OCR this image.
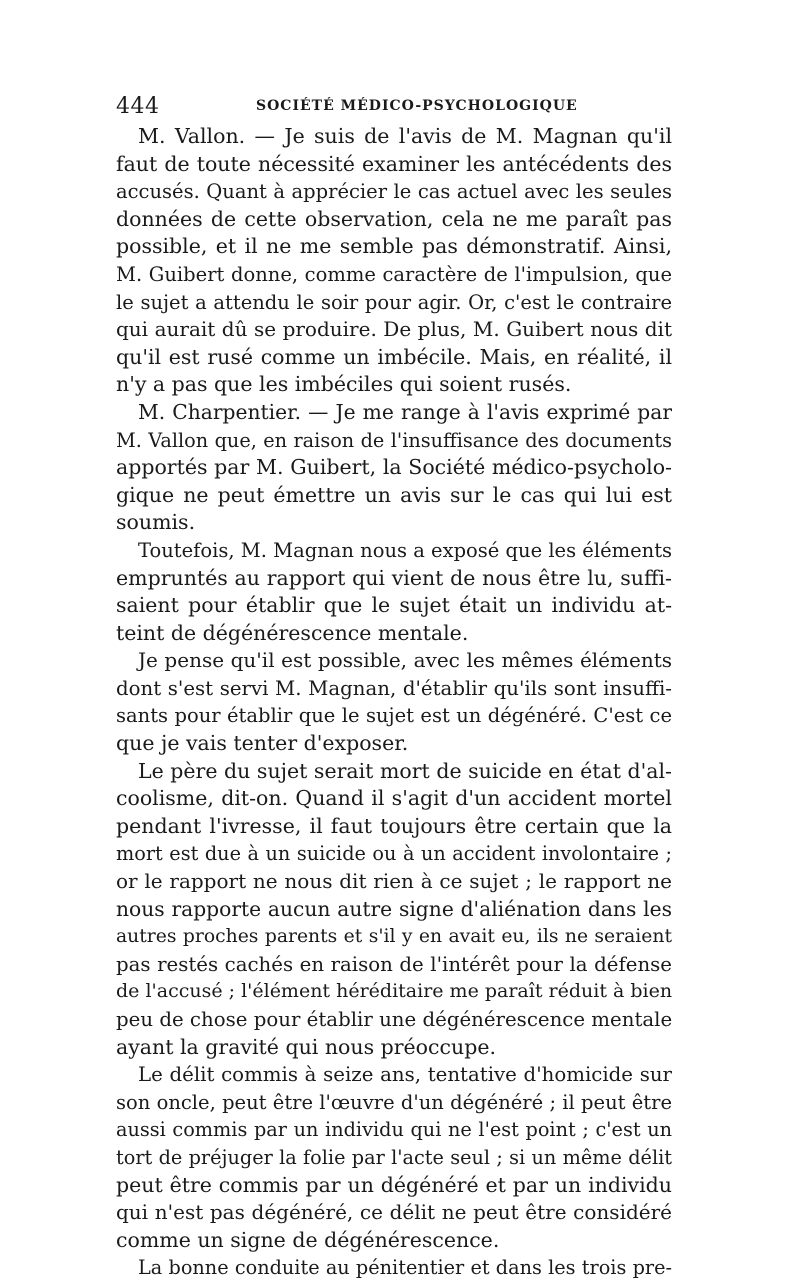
444	SOCIÉTÉ MÉDICO-PSYCHOLOGIQUE
M. Vallon. — Je suis de l'avis de M. Magnan qu'il
faut de toute nécessité examiner les antécédents des
accusés. Quant à apprécier le cas actuel avec les seules
données de cette observation, cela ne me paraît pas
possible, et il ne me semble pas démonstratif. Ainsi,
M. Guibert donne, comme caractère de l'impulsion, que
le sujet a attendu le soir pour agir. Or, c'est le contraire
qui aurait dû se produire. De plus, M. Guibert nous dit
qu'il est rusé comme un imbécile. Mais, en réalité, il
n'y a pas que les imbéciles qui soient rusés.
M. Charpentier. — Je me range à l'avis exprimé par
M. Vallon que, en raison de l'insuffisance des documents
apportés par M. Guibert, la Société médico-psycholo-
gique ne peut émettre un avis sur le cas qui lui est
soumis.
Toutefois, M. Magnan nous a exposé que les éléments
empruntés au rapport qui vient de nous être lu, suffi-
saient pour établir que le sujet était un individu at-
teint de dégénérescence mentale.
Je pense qu'il est possible, avec les mêmes éléments
dont s'est servi M. Magnan, d'établir qu'ils sont insuffi-
sants pour établir que le sujet est un dégénéré. C'est ce
que je vais tenter d'exposer.
Le père du sujet serait mort de suicide en état d'al-
coolisme, dit-on. Quand il s'agit d'un accident mortel
pendant l'ivresse, il faut toujours être certain que la
mort est due à un suicide ou à un accident involontaire ;
or le rapport ne nous dit rien à ce sujet ; le rapport ne
nous rapporte aucun autre signe d'aliénation dans les
autres proches parents et s'il y en avait eu, ils ne seraient
pas restés cachés en raison de l'intérêt pour la défense
de l'accusé ; l'élément héréditaire me paraît réduit à bien
peu de chose pour établir une dégénérescence mentale
ayant la gravité qui nous préoccupe.
Le délit commis à seize ans, tentative d'homicide sur
son oncle, peut être l'œuvre d'un dégénéré ; il peut être
aussi commis par un individu qui ne l'est point ; c'est un
tort de préjuger la folie par l'acte seul ; si un même délit
peut être commis par un dégénéré et par un individu
qui n'est pas dégénéré, ce délit ne peut être considéré
comme un signe de dégénérescence.
La bonne conduite au pénitentier et dans les trois pre-
